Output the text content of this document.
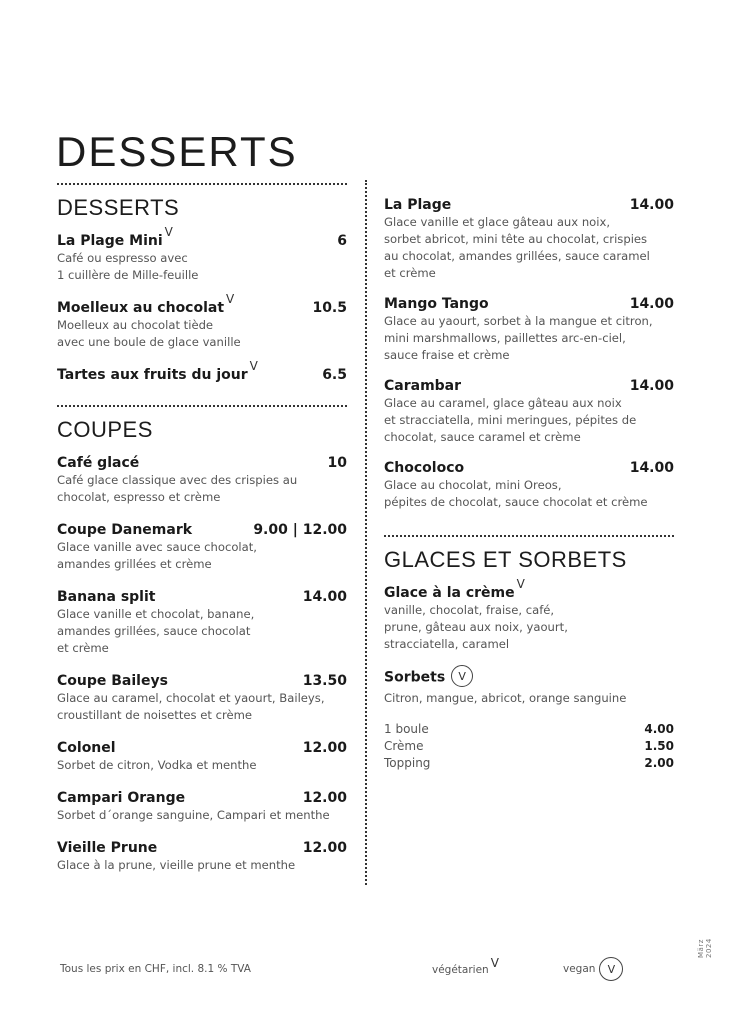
DESSERTS
DESSERTS
La Plage MiniV
6
Café ou espresso avec
1 cuillère de Mille-feuille
Moelleux au chocolatV
10.5
Moelleux au chocolat tiède
avec une boule de glace vanille
Tartes aux fruits du jourV
6.5
COUPES
Café glacé	10
Café glace classique avec des crispies au
chocolat, espresso et crème
Coupe Danemark	9.00 | 12.00
Glace vanille avec sauce chocolat,
amandes grillées et crème
Banana split	14.00
Glace vanille et chocolat, banane,
amandes grillées, sauce chocolat
et crème
Coupe Baileys	13.50
Glace au caramel, chocolat et yaourt, Baileys,
croustillant de noisettes et crème
Colonel	12.00
Sorbet de citron, Vodka et menthe
Campari Orange	12.00
Sorbet d´orange sanguine, Campari et menthe
Vieille Prune	12.00
Glace à la prune, vieille prune et menthe
La Plage	14.00
Glace vanille et glace gâteau aux noix,
sorbet abricot, mini tête au chocolat, crispies
au chocolat, amandes grillées, sauce caramel
et crème
Mango Tango	14.00
Glace au yaourt, sorbet à la mangue et citron,
mini marshmallows, paillettes arc-en-ciel,
sauce fraise et crème
Carambar	14.00
Glace au caramel, glace gâteau aux noix
et stracciatella, mini meringues, pépites de
chocolat, sauce caramel et crème
Chocoloco	14.00
Glace au chocolat, mini Oreos,
pépites de chocolat, sauce chocolat et crème
GLACES ET SORBETS
Glace à la crèmeV
vanille, chocolat, fraise, café,
prune, gâteau aux noix, yaourt,
stracciatella, caramel
Sorbets V
Citron, mangue, abricot, orange sanguine
1 boule	4.00
Crème	1.50
Topping	2.00
Tous les prix en CHF, incl. 8.1 % TVA	végétarien V	vegan	V
März 2024
